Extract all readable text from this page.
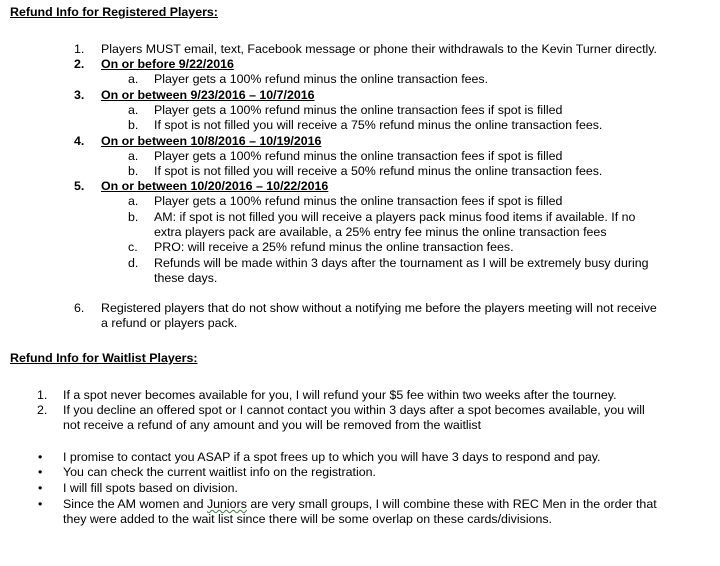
Refund Info for Registered Players:
1. Players MUST email, text, Facebook message or phone their withdrawals to the Kevin Turner directly.
2. On or before 9/22/2016
a. Player gets a 100% refund minus the online transaction fees.
3. On or between 9/23/2016 – 10/7/2016
a. Player gets a 100% refund minus the online transaction fees if spot is filled
b. If spot is not filled you will receive a 75% refund minus the online transaction fees.
4. On or between 10/8/2016 – 10/19/2016
a. Player gets a 100% refund minus the online transaction fees if spot is filled
b. If spot is not filled you will receive a 50% refund minus the online transaction fees.
5. On or between 10/20/2016 – 10/22/2016
a. Player gets a 100% refund minus the online transaction fees if spot is filled
b. AM: if spot is not filled you will receive a players pack minus food items if available. If no
extra players pack are available, a 25% entry fee minus the online transaction fees
c. PRO: will receive a 25% refund minus the online transaction fees.
d. Refunds will be made within 3 days after the tournament as I will be extremely busy during
these days.
6. Registered players that do not show without a notifying me before the players meeting will not receive
a refund or players pack.
Refund Info for Waitlist Players:
1. If a spot never becomes available for you, I will refund your $5 fee within two weeks after the tourney.
2. If you decline an offered spot or I cannot contact you within 3 days after a spot becomes available, you will
not receive a refund of any amount and you will be removed from the waitlist
• I promise to contact you ASAP if a spot frees up to which you will have 3 days to respond and pay.
• You can check the current waitlist info on the registration.
• I will fill spots based on division.
• Since the AM women and Juniors are very small groups, I will combine these with REC Men in the order that
they were added to the wait list since there will be some overlap on these cards/divisions.
